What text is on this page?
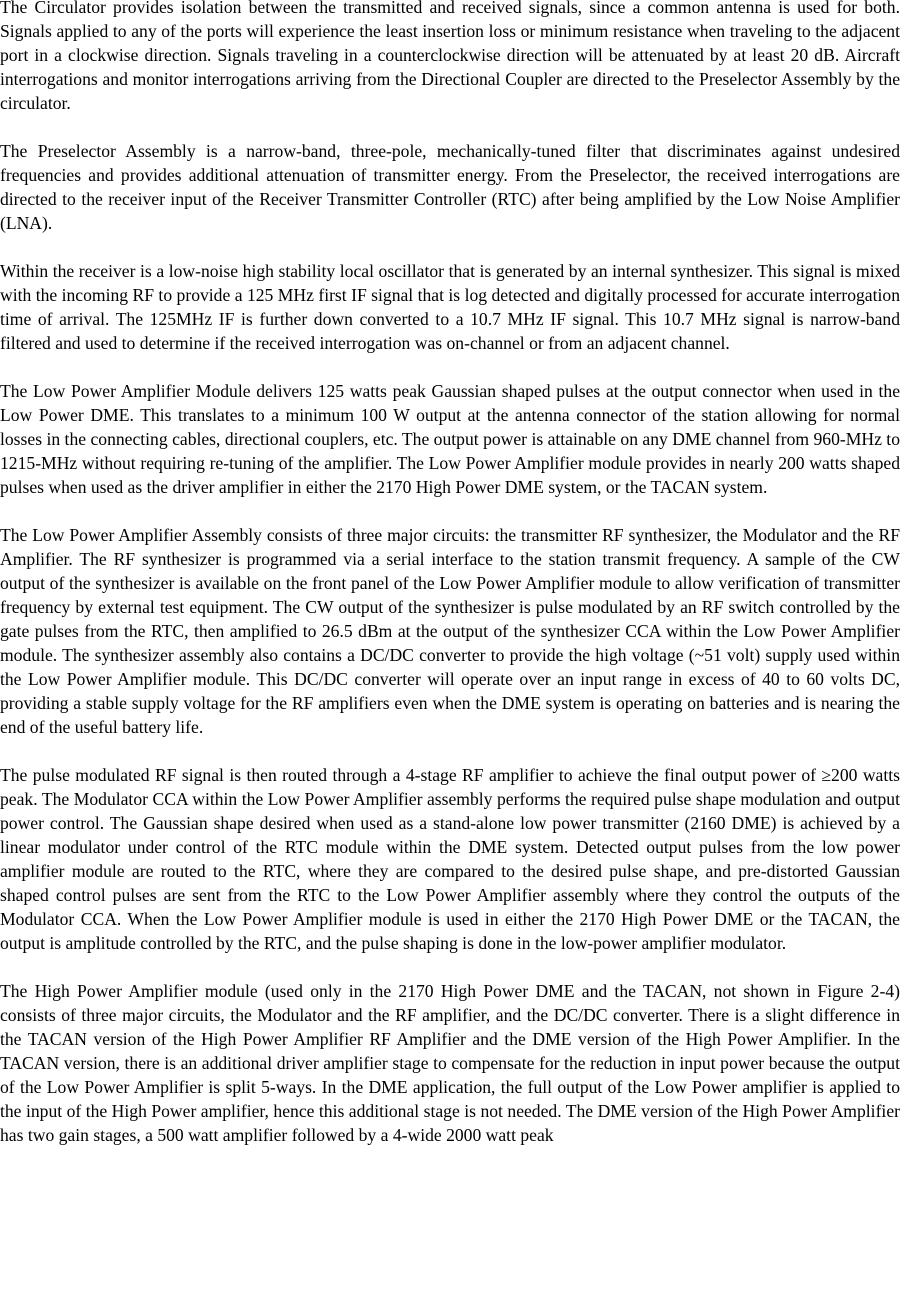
The Circulator provides isolation between the transmitted and received signals, since a common antenna is used for both. Signals applied to any of the ports will experience the least insertion loss or minimum resistance when traveling to the adjacent port in a clockwise direction. Signals traveling in a counterclockwise direction will be attenuated by at least 20 dB. Aircraft interrogations and monitor interrogations arriving from the Directional Coupler are directed to the Preselector Assembly by the circulator.

The Preselector Assembly is a narrow-band, three-pole, mechanically-tuned filter that discriminates against undesired frequencies and provides additional attenuation of transmitter energy. From the Preselector, the received interrogations are directed to the receiver input of the Receiver Transmitter Controller (RTC) after being amplified by the Low Noise Amplifier (LNA).

Within the receiver is a low-noise high stability local oscillator that is generated by an internal synthesizer. This signal is mixed with the incoming RF to provide a 125 MHz first IF signal that is log detected and digitally processed for accurate interrogation time of arrival. The 125MHz IF is further down converted to a 10.7 MHz IF signal. This 10.7 MHz signal is narrow-band filtered and used to determine if the received interrogation was on-channel or from an adjacent channel.

The Low Power Amplifier Module delivers 125 watts peak Gaussian shaped pulses at the output connector when used in the Low Power DME. This translates to a minimum 100 W output at the antenna connector of the station allowing for normal losses in the connecting cables, directional couplers, etc. The output power is attainable on any DME channel from 960-MHz to 1215-MHz without requiring re-tuning of the amplifier. The Low Power Amplifier module provides in nearly 200 watts shaped pulses when used as the driver amplifier in either the 2170 High Power DME system, or the TACAN system.

The Low Power Amplifier Assembly consists of three major circuits: the transmitter RF synthesizer, the Modulator and the RF Amplifier. The RF synthesizer is programmed via a serial interface to the station transmit frequency. A sample of the CW output of the synthesizer is available on the front panel of the Low Power Amplifier module to allow verification of transmitter frequency by external test equipment. The CW output of the synthesizer is pulse modulated by an RF switch controlled by the gate pulses from the RTC, then amplified to 26.5 dBm at the output of the synthesizer CCA within the Low Power Amplifier module. The synthesizer assembly also contains a DC/DC converter to provide the high voltage (~51 volt) supply used within the Low Power Amplifier module. This DC/DC converter will operate over an input range in excess of 40 to 60 volts DC, providing a stable supply voltage for the RF amplifiers even when the DME system is operating on batteries and is nearing the end of the useful battery life.

The pulse modulated RF signal is then routed through a 4-stage RF amplifier to achieve the final output power of ≥200 watts peak. The Modulator CCA within the Low Power Amplifier assembly performs the required pulse shape modulation and output power control. The Gaussian shape desired when used as a stand-alone low power transmitter (2160 DME) is achieved by a linear modulator under control of the RTC module within the DME system. Detected output pulses from the low power amplifier module are routed to the RTC, where they are compared to the desired pulse shape, and pre-distorted Gaussian shaped control pulses are sent from the RTC to the Low Power Amplifier assembly where they control the outputs of the Modulator CCA. When the Low Power Amplifier module is used in either the 2170 High Power DME or the TACAN, the output is amplitude controlled by the RTC, and the pulse shaping is done in the low-power amplifier modulator.

The High Power Amplifier module (used only in the 2170 High Power DME and the TACAN, not shown in Figure 2-4) consists of three major circuits, the Modulator and the RF amplifier, and the DC/DC converter. There is a slight difference in the TACAN version of the High Power Amplifier RF Amplifier and the DME version of the High Power Amplifier. In the TACAN version, there is an additional driver amplifier stage to compensate for the reduction in input power because the output of the Low Power Amplifier is split 5-ways. In the DME application, the full output of the Low Power amplifier is applied to the input of the High Power amplifier, hence this additional stage is not needed. The DME version of the High Power Amplifier has two gain stages, a 500 watt amplifier followed by a 4-wide 2000 watt peak
